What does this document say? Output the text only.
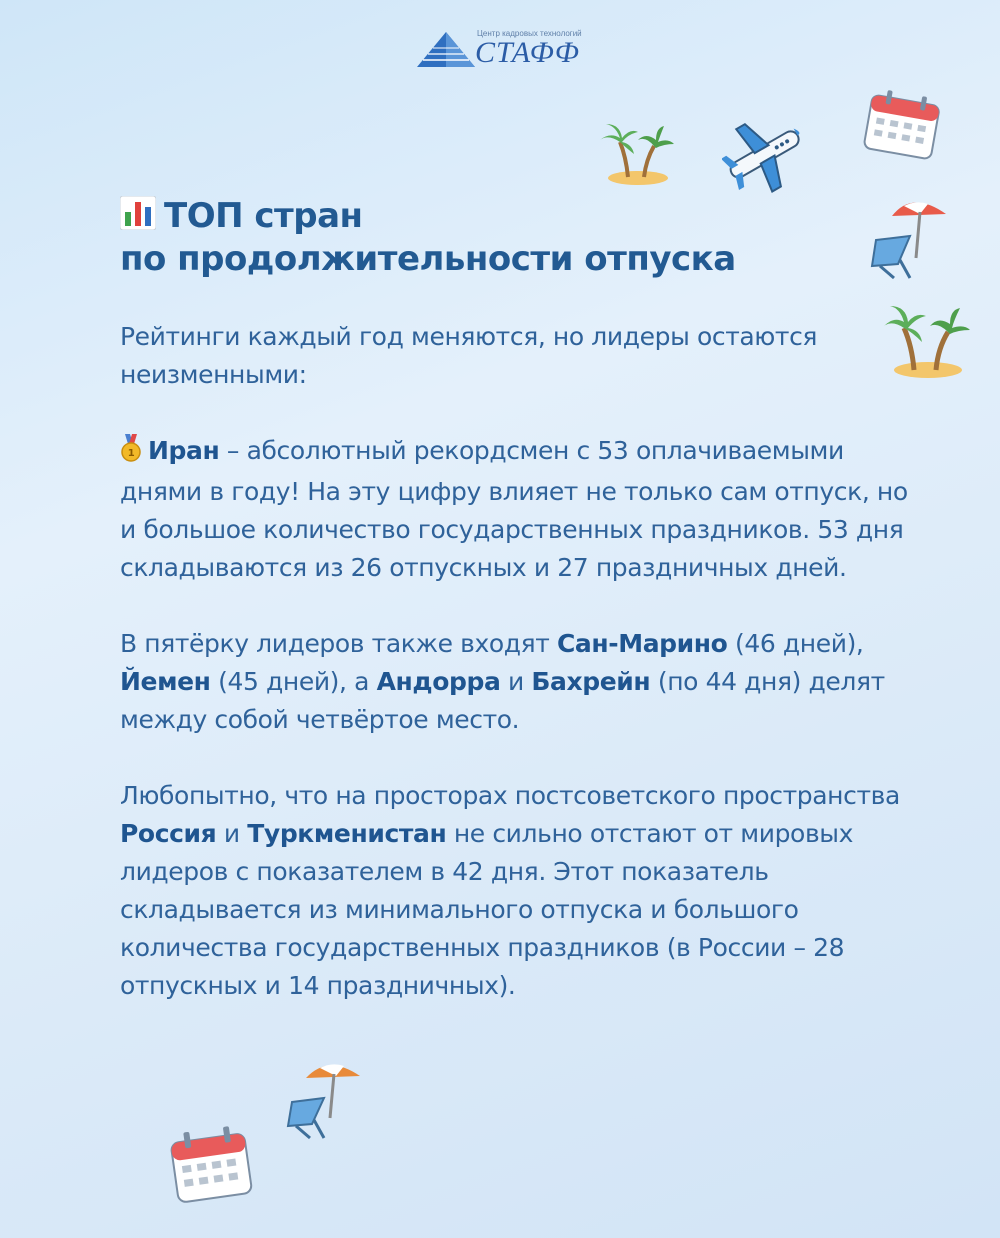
Центр кадровых технологий
СТАФФ
ТОП стран
по продолжительности отпуска

Рейтинги каждый год меняются, но лидеры остаются неизменными:

1 Иран – абсолютный рекордсмен с 53 оплачиваемыми днями в году! На эту цифру влияет не только сам отпуск, но и большое количество государственных праздников. 53 дня складываются из 26 отпускных и 27 праздничных дней.

В пятёрку лидеров также входят Сан-Марино (46 дней), Йемен (45 дней), а Андорра и Бахрейн (по 44 дня) делят между собой четвёртое место.

Любопытно, что на просторах постсоветского пространства Россия и Туркменистан не сильно отстают от мировых лидеров с показателем в 42 дня. Этот показатель складывается из минимального отпуска и большого количества государственных праздников (в России – 28 отпускных и 14 праздничных).
